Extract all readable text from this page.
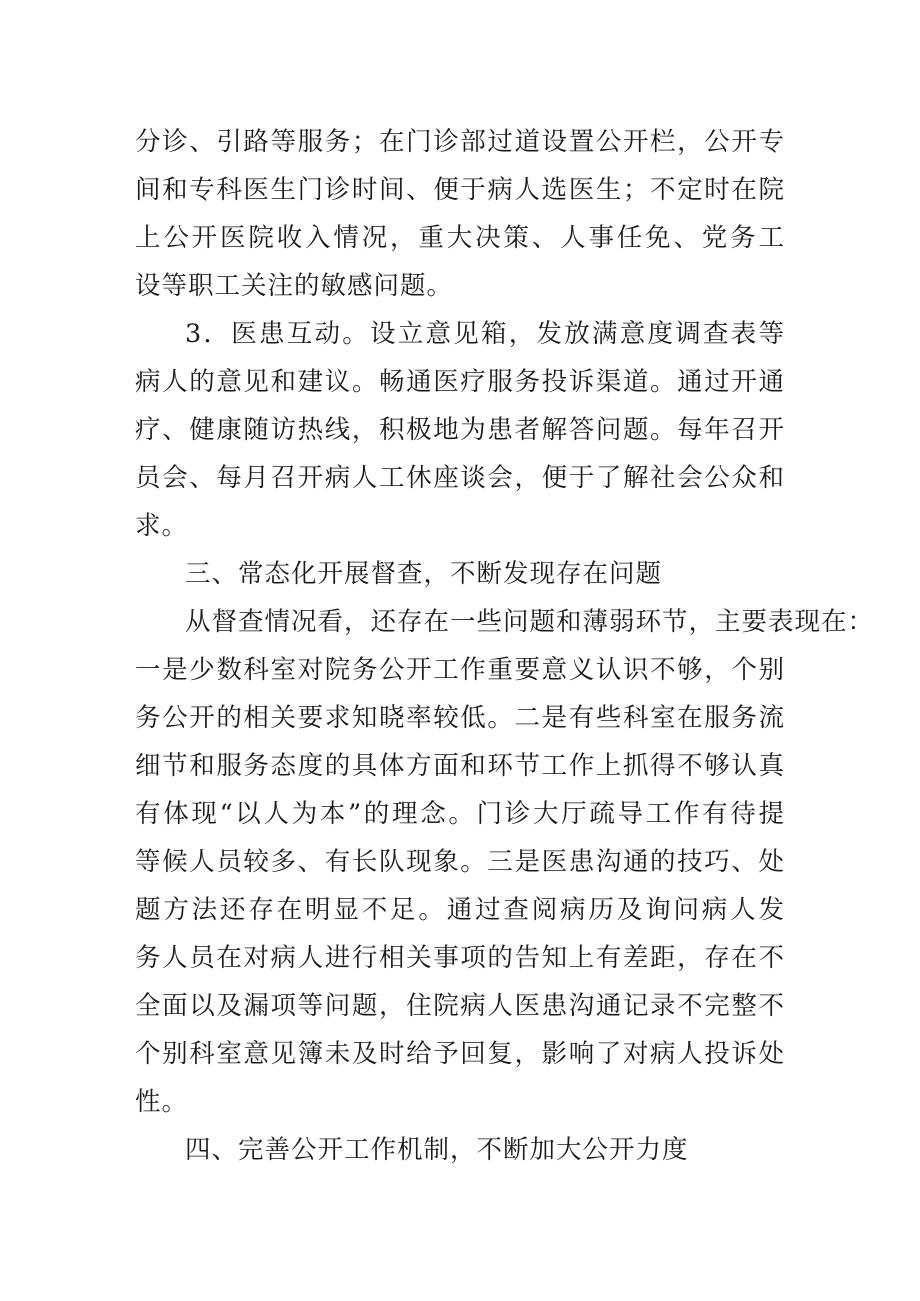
分诊、引路等服务；在门诊部过道设置公开栏，公开专
间和专科医生门诊时间、便于病人选医生；不定时在院
上公开医院收入情况，重大决策、人事任免、党务工
设等职工关注的敏感问题。
3．医患互动。设立意见箱，发放满意度调查表等
病人的意见和建议。畅通医疗服务投诉渠道。通过开通
疗、健康随访热线，积极地为患者解答问题。每年召开
员会、每月召开病人工休座谈会，便于了解社会公众和
求。
三、常态化开展督查，不断发现存在问题
从督查情况看，还存在一些问题和薄弱环节，主要表现在：
一是少数科室对院务公开工作重要意义认识不够，个别
务公开的相关要求知晓率较低。二是有些科室在服务流
细节和服务态度的具体方面和环节工作上抓得不够认真
有体现“以人为本”的理念。门诊大厅疏导工作有待提
等候人员较多、有长队现象。三是医患沟通的技巧、处
题方法还存在明显不足。通过查阅病历及询问病人发
务人员在对病人进行相关事项的告知上有差距，存在不
全面以及漏项等问题，住院病人医患沟通记录不完整不
个别科室意见簿未及时给予回复，影响了对病人投诉处
性。
四、完善公开工作机制，不断加大公开力度
